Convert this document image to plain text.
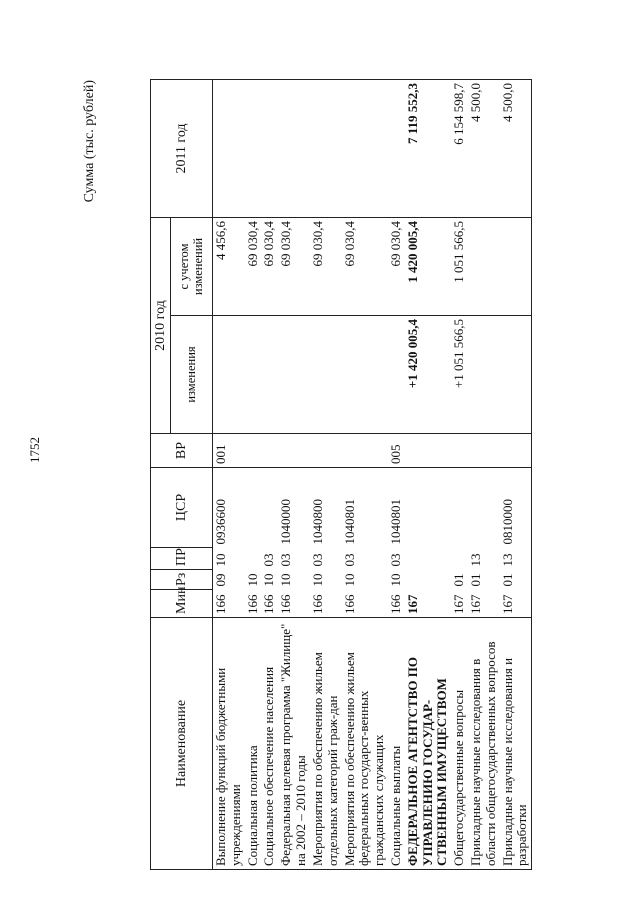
1752
Сумма (тыс. рублей)
Наименование	Мин	Рз	ПР	ЦСР	ВР	2010 год		2011 год
						изменения	с учетом изменений	
Выполнение функций бюджетными учреждениями	166	09	10	0936600	001		4 456,6	
Социальная политика	166	10					69 030,4	
Социальное обеспечение населения	166	10	03				69 030,4	
Федеральная целевая программа "Жилище" на 2002 – 2010 годы	166	10	03	1040000			69 030,4	
Мероприятия по обеспечению жильем отдельных категорий граж-дан	166	10	03	1040800			69 030,4	
Мероприятия по обеспечению жильем федеральных государст-венных гражданских служащих	166	10	03	1040801			69 030,4	
Социальные выплаты	166	10	03	1040801	005		69 030,4	
ФЕДЕРАЛЬНОЕ АГЕНТСТВО ПО УПРАВЛЕНИЮ ГОСУДАР-СТВЕННЫМ ИМУЩЕСТВОМ	167					+1 420 005,4	1 420 005,4	7 119 552,3
Общегосударственные вопросы	167	01				+1 051 566,5	1 051 566,5	6 154 598,7
Прикладные научные исследования в области общегосударственных вопросов	167	01	13					4 500,0
Прикладные научные исследования и разработки	167	01	13	0810000				4 500,0
